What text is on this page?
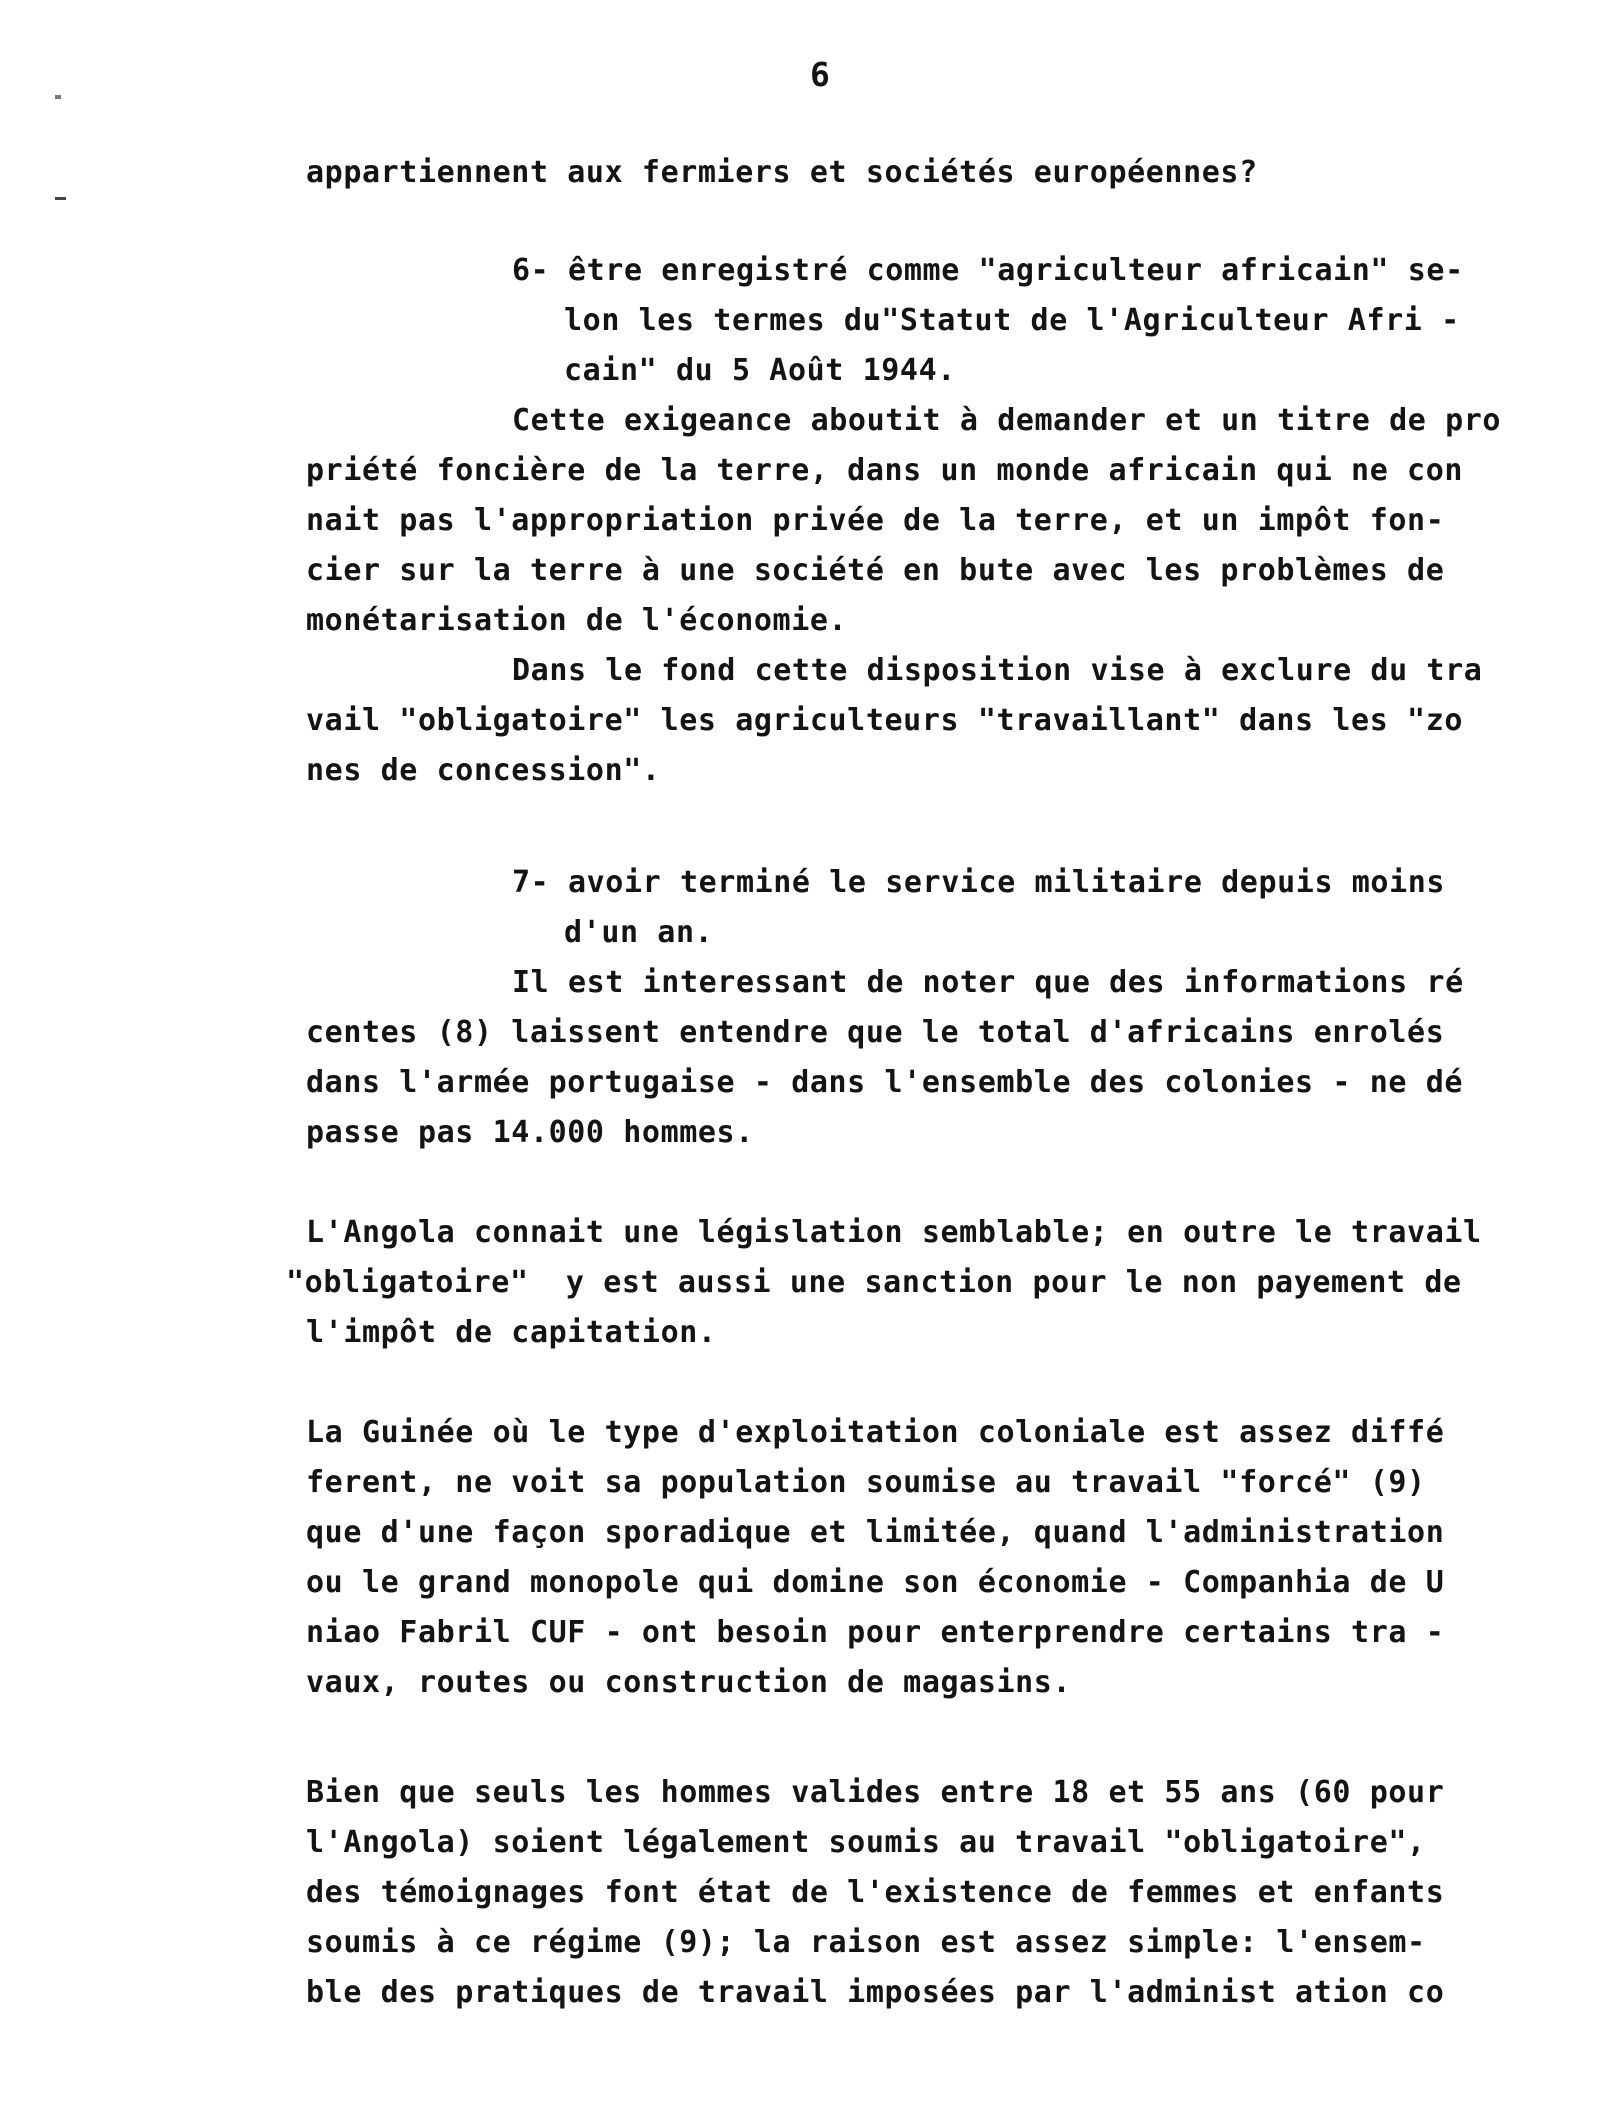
6
appartiennent aux fermiers et sociétés européennes?
6- être enregistré comme "agriculteur africain" se-
lon les termes du"Statut de l'Agriculteur Afri -
cain" du 5 Août 1944.
Cette exigeance aboutit à demander et un titre de pro
priété foncière de la terre, dans un monde africain qui ne con
nait pas l'appropriation privée de la terre, et un impôt fon-
cier sur la terre à une société en bute avec les problèmes de
monétarisation de l'économie.
Dans le fond cette disposition vise à exclure du tra
vail "obligatoire" les agriculteurs "travaillant" dans les "zo
nes de concession".
7- avoir terminé le service militaire depuis moins
d'un an.
Il est interessant de noter que des informations ré
centes (8) laissent entendre que le total d'africains enrolés
dans l'armée portugaise - dans l'ensemble des colonies - ne dé
passe pas 14.000 hommes.
L'Angola connait une législation semblable; en outre le travail
"obligatoire"  y est aussi une sanction pour le non payement de
l'impôt de capitation.
La Guinée où le type d'exploitation coloniale est assez diffé
ferent, ne voit sa population soumise au travail "forcé" (9)
que d'une façon sporadique et limitée, quand l'administration
ou le grand monopole qui domine son économie - Companhia de U
niao Fabril CUF - ont besoin pour enterprendre certains tra -
vaux, routes ou construction de magasins.
Bien que seuls les hommes valides entre 18 et 55 ans (60 pour
l'Angola) soient légalement soumis au travail "obligatoire",
des témoignages font état de l'existence de femmes et enfants
soumis à ce régime (9); la raison est assez simple: l'ensem-
ble des pratiques de travail imposées par l'administ ation co
